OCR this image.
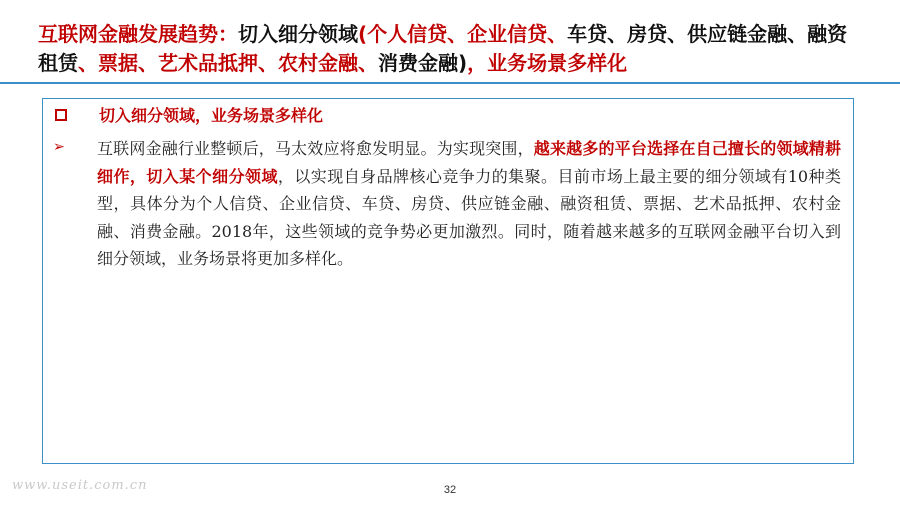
互联网金融发展趋势：切入细分领域(个人信贷、企业信贷、车贷、房贷、供应链金融、融资租赁、票据、艺术品抵押、农村金融、消费金融)，业务场景多样化
切入细分领域，业务场景多样化
➢ 互联网金融行业整顿后，马太效应将愈发明显。为实现突围，越来越多的平台选择在自己擅长的领域精耕细作，切入某个细分领域，以实现自身品牌核心竞争力的集聚。目前市场上最主要的细分领域有10种类型，具体分为个人信贷、企业信贷、车贷、房贷、供应链金融、融资租赁、票据、艺术品抵押、农村金融、消费金融。2018年，这些领域的竞争势必更加激烈。同时，随着越来越多的互联网金融平台切入到细分领域，业务场景将更加多样化。

www.useit.com.cn	32
